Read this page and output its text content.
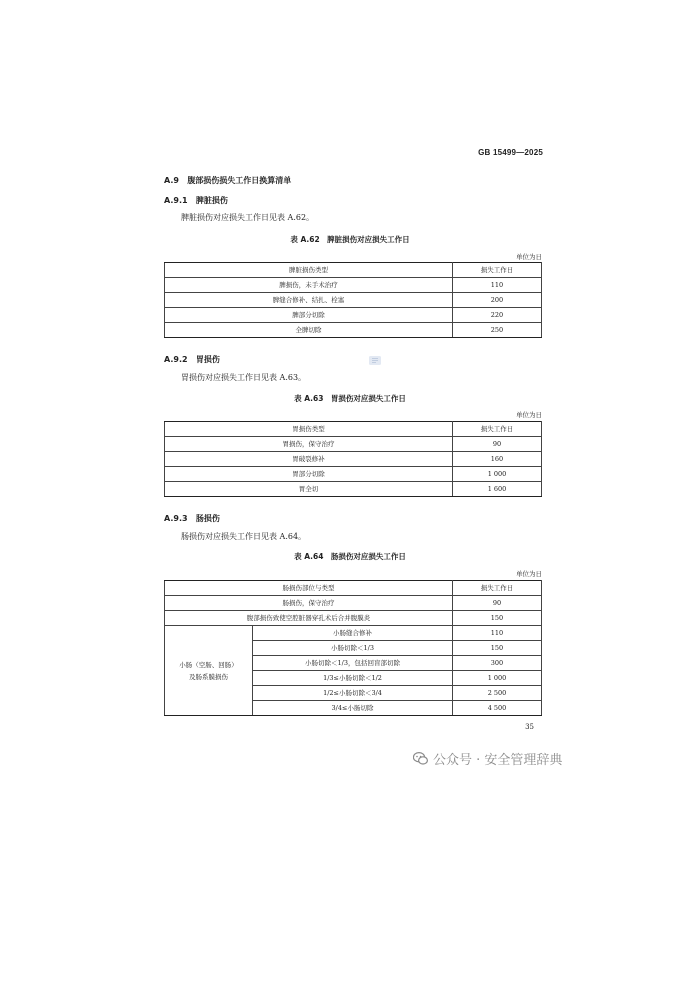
GB 15499—2025
A.9 腹部损伤损失工作日换算清单
A.9.1 脾脏损伤
脾脏损伤对应损失工作日见表 A.62。
表 A.62　脾脏损伤对应损失工作日
单位为日
脾脏损伤类型	损失工作日
脾损伤，未手术治疗	110
脾缝合修补、结扎、栓塞	200
脾部分切除	220
全脾切除	250
A.9.2 胃损伤
胃损伤对应损失工作日见表 A.63。
表 A.63　胃损伤对应损失工作日
单位为日
胃损伤类型	损失工作日
胃损伤，保守治疗	90
胃破裂修补	160
胃部分切除	1 000
胃全切	1 600
A.9.3 肠损伤
肠损伤对应损失工作日见表 A.64。
表 A.64　肠损伤对应损失工作日
单位为日
肠损伤部位与类型		损失工作日
肠损伤，保守治疗		90
腹部损伤致使空腔脏器穿孔术后合并腹膜炎		150

小肠（空肠、回肠）
及肠系膜损伤	小肠缝合修补	110
	小肠切除＜1/3	150
	小肠切除＜1/3，包括回盲部切除	300
	1/3≤小肠切除＜1/2	1 000
	1/2≤小肠切除＜3/4	2 500
	3/4≤小肠切除	4 500
35
公众号 · 安全管理辞典
